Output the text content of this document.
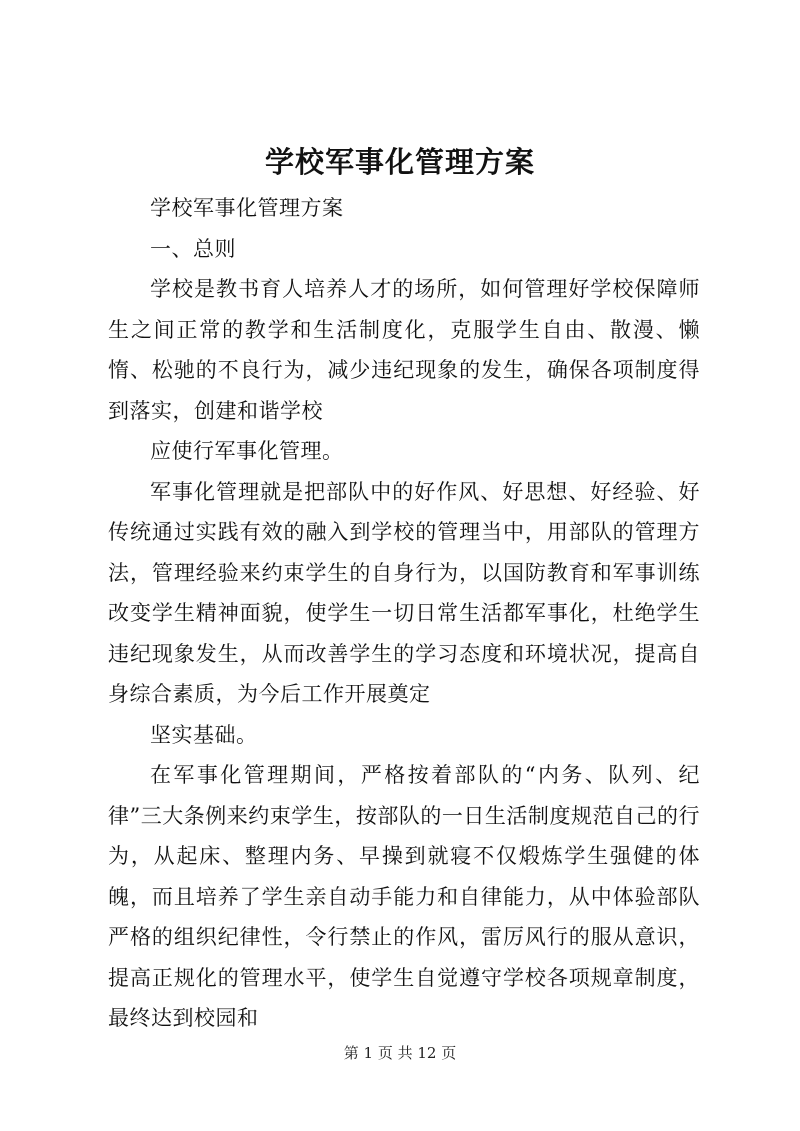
学校军事化管理方案

学校军事化管理方案

一、总则

学校是教书育人培养人才的场所，如何管理好学校保障师生之间正常的教学和生活制度化，克服学生自由、散漫、懒惰、松驰的不良行为，减少违纪现象的发生，确保各项制度得到落实，创建和谐学校

应使行军事化管理。

军事化管理就是把部队中的好作风、好思想、好经验、好传统通过实践有效的融入到学校的管理当中，用部队的管理方法，管理经验来约束学生的自身行为，以国防教育和军事训练改变学生精神面貌，使学生一切日常生活都军事化，杜绝学生违纪现象发生，从而改善学生的学习态度和环境状况，提高自身综合素质，为今后工作开展奠定

坚实基础。

在军事化管理期间，严格按着部队的“内务、队列、纪律”三大条例来约束学生，按部队的一日生活制度规范自己的行为，从起床、整理内务、早操到就寝不仅煅炼学生强健的体魄，而且培养了学生亲自动手能力和自律能力，从中体验部队严格的组织纪律性，令行禁止的作风，雷厉风行的服从意识，提高正规化的管理水平，使学生自觉遵守学校各项规章制度，最终达到校园和

第 1 页 共 12 页
